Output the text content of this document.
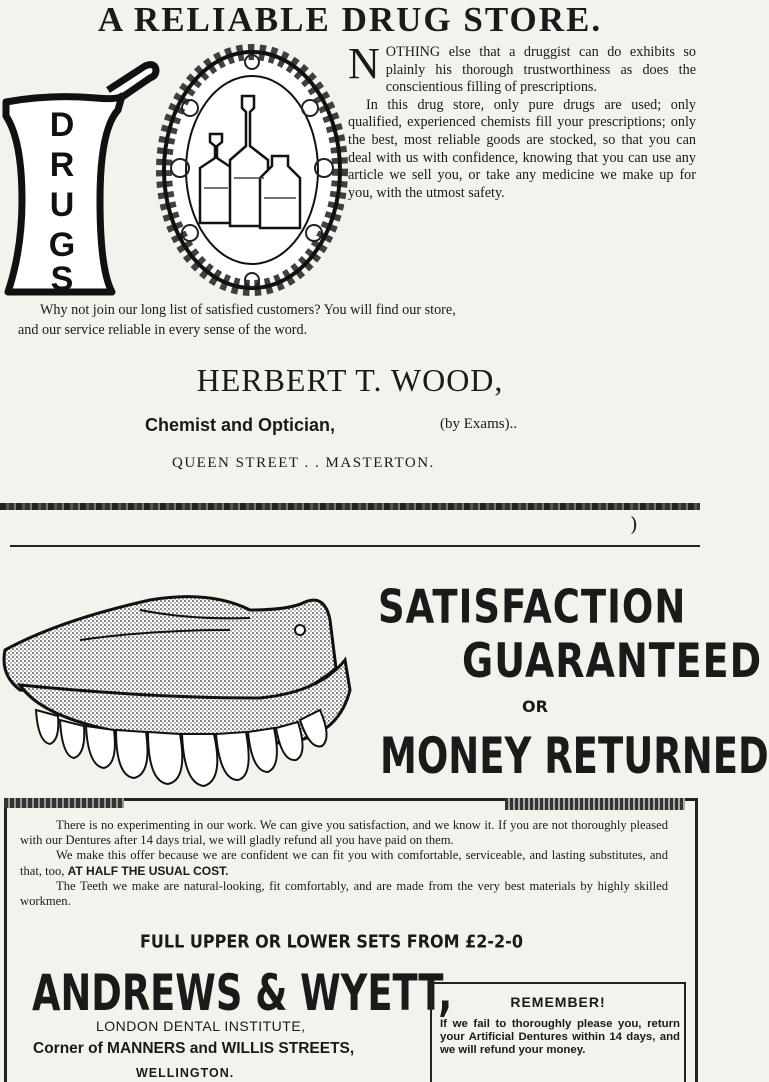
A RELIABLE DRUG STORE.
D
R
U
G
S
N OTHING else that a druggist can do exhibits so plainly his thorough trustworthiness as does the conscientious filling of prescriptions.

In this drug store, only pure drugs are used; only qualified, experienced chemists fill your prescriptions; only the best, most reliable goods are stocked, so that you can deal with us with confidence, knowing that you can use any article we sell you, or take any medicine we make up for you, with the utmost safety.

Why not join our long list of satisfied customers? You will find our store,
and our service reliable in every sense of the word.

HERBERT T. WOOD,
Chemist and Optician,	(by Exams)..
QUEEN STREET . . MASTERTON.
)
SATISFACTION
GUARANTEED
OR
MONEY RETURNED

There is no experimenting in our work. We can give you satisfaction, and we know it. If you are not thoroughly pleased with our Dentures after 14 days trial, we will gladly refund all you have paid on them.

We make this offer because we are confident we can fit you with comfortable, serviceable, and lasting substitutes, and that, too, AT HALF THE USUAL COST.

The Teeth we make are natural-looking, fit comfortably, and are made from the very best materials by highly skilled workmen.

FULL UPPER OR LOWER SETS FROM £2-2-0
ANDREWS & WYETT,
LONDON DENTAL INSTITUTE,
Corner of MANNERS and WILLIS STREETS,
WELLINGTON.
REMEMBER!
If we fail to thoroughly please you, return your Artificial Dentures within 14 days, and we will refund your money.
